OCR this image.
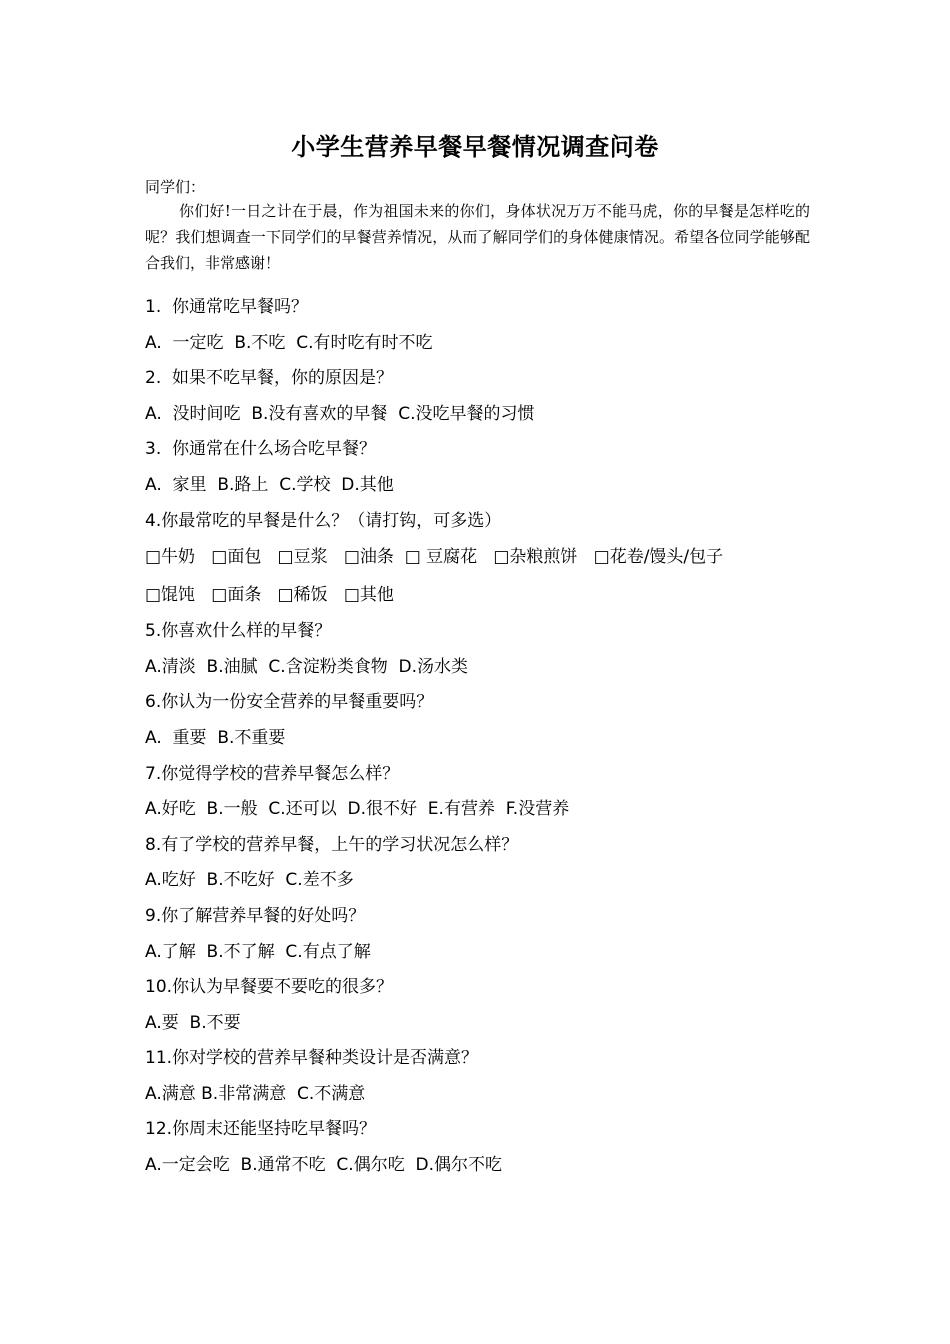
小学生营养早餐早餐情况调查问卷
同学们：
你们好!一日之计在于晨，作为祖国未来的你们，身体状况万万不能马虎，你的早餐是怎样吃的呢？我们想调查一下同学们的早餐营养情况，从而了解同学们的身体健康情况。希望各位同学能够配合我们，非常感谢！
1.  你通常吃早餐吗？
A.  一定吃  B.不吃  C.有时吃有时不吃
2.  如果不吃早餐，你的原因是？
A.  没时间吃  B.没有喜欢的早餐  C.没吃早餐的习惯
3.  你通常在什么场合吃早餐？
A.  家里  B.路上  C.学校  D.其他
4.你最常吃的早餐是什么？（请打钩，可多选）
□牛奶   □面包   □豆浆   □油条  □ 豆腐花   □杂粮煎饼   □花卷/馒头/包子
□馄饨   □面条   □稀饭   □其他
5.你喜欢什么样的早餐？
A.清淡  B.油腻  C.含淀粉类食物  D.汤水类
6.你认为一份安全营养的早餐重要吗？
A.  重要  B.不重要
7.你觉得学校的营养早餐怎么样？
A.好吃  B.一般  C.还可以  D.很不好  E.有营养  F.没营养
8.有了学校的营养早餐，上午的学习状况怎么样？
A.吃好  B.不吃好  C.差不多
9.你了解营养早餐的好处吗？
A.了解  B.不了解  C.有点了解
10.你认为早餐要不要吃的很多？
A.要  B.不要
11.你对学校的营养早餐种类设计是否满意？
A.满意 B.非常满意  C.不满意
12.你周末还能坚持吃早餐吗？
A.一定会吃  B.通常不吃  C.偶尔吃  D.偶尔不吃
